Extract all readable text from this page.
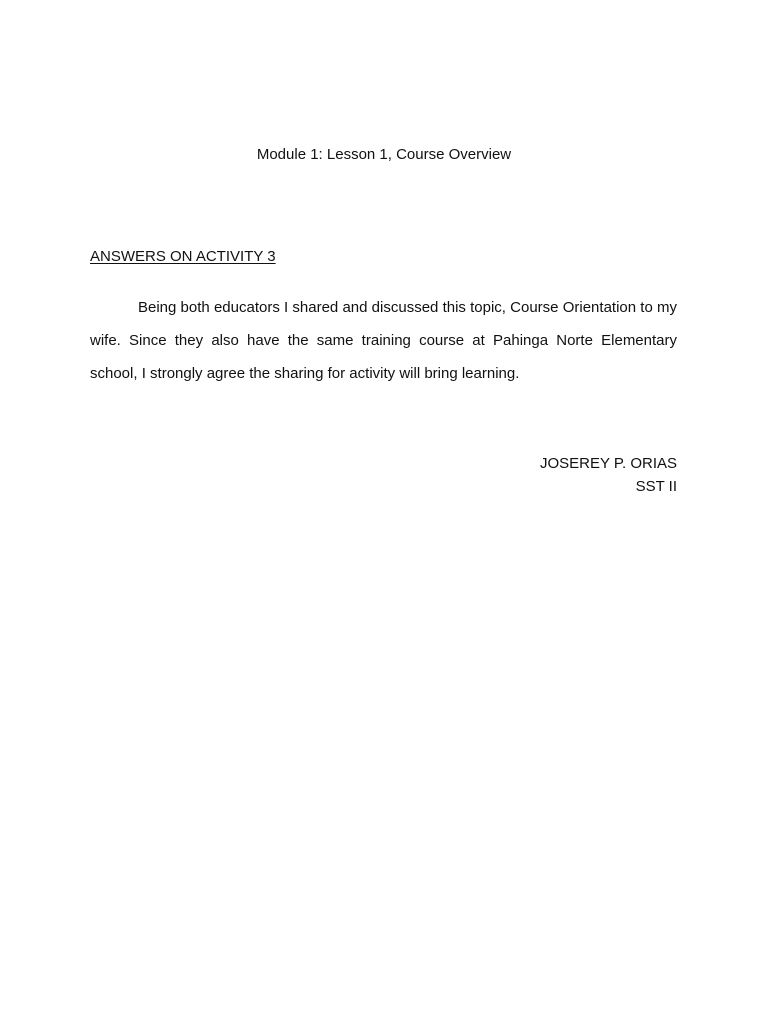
Module 1: Lesson 1, Course Overview
ANSWERS ON ACTIVITY 3

Being both educators I shared and discussed this topic, Course Orientation to my wife. Since they also have the same training course at Pahinga Norte Elementary school, I strongly agree the sharing for activity will bring learning.

JOSEREY P. ORIAS
SST II
